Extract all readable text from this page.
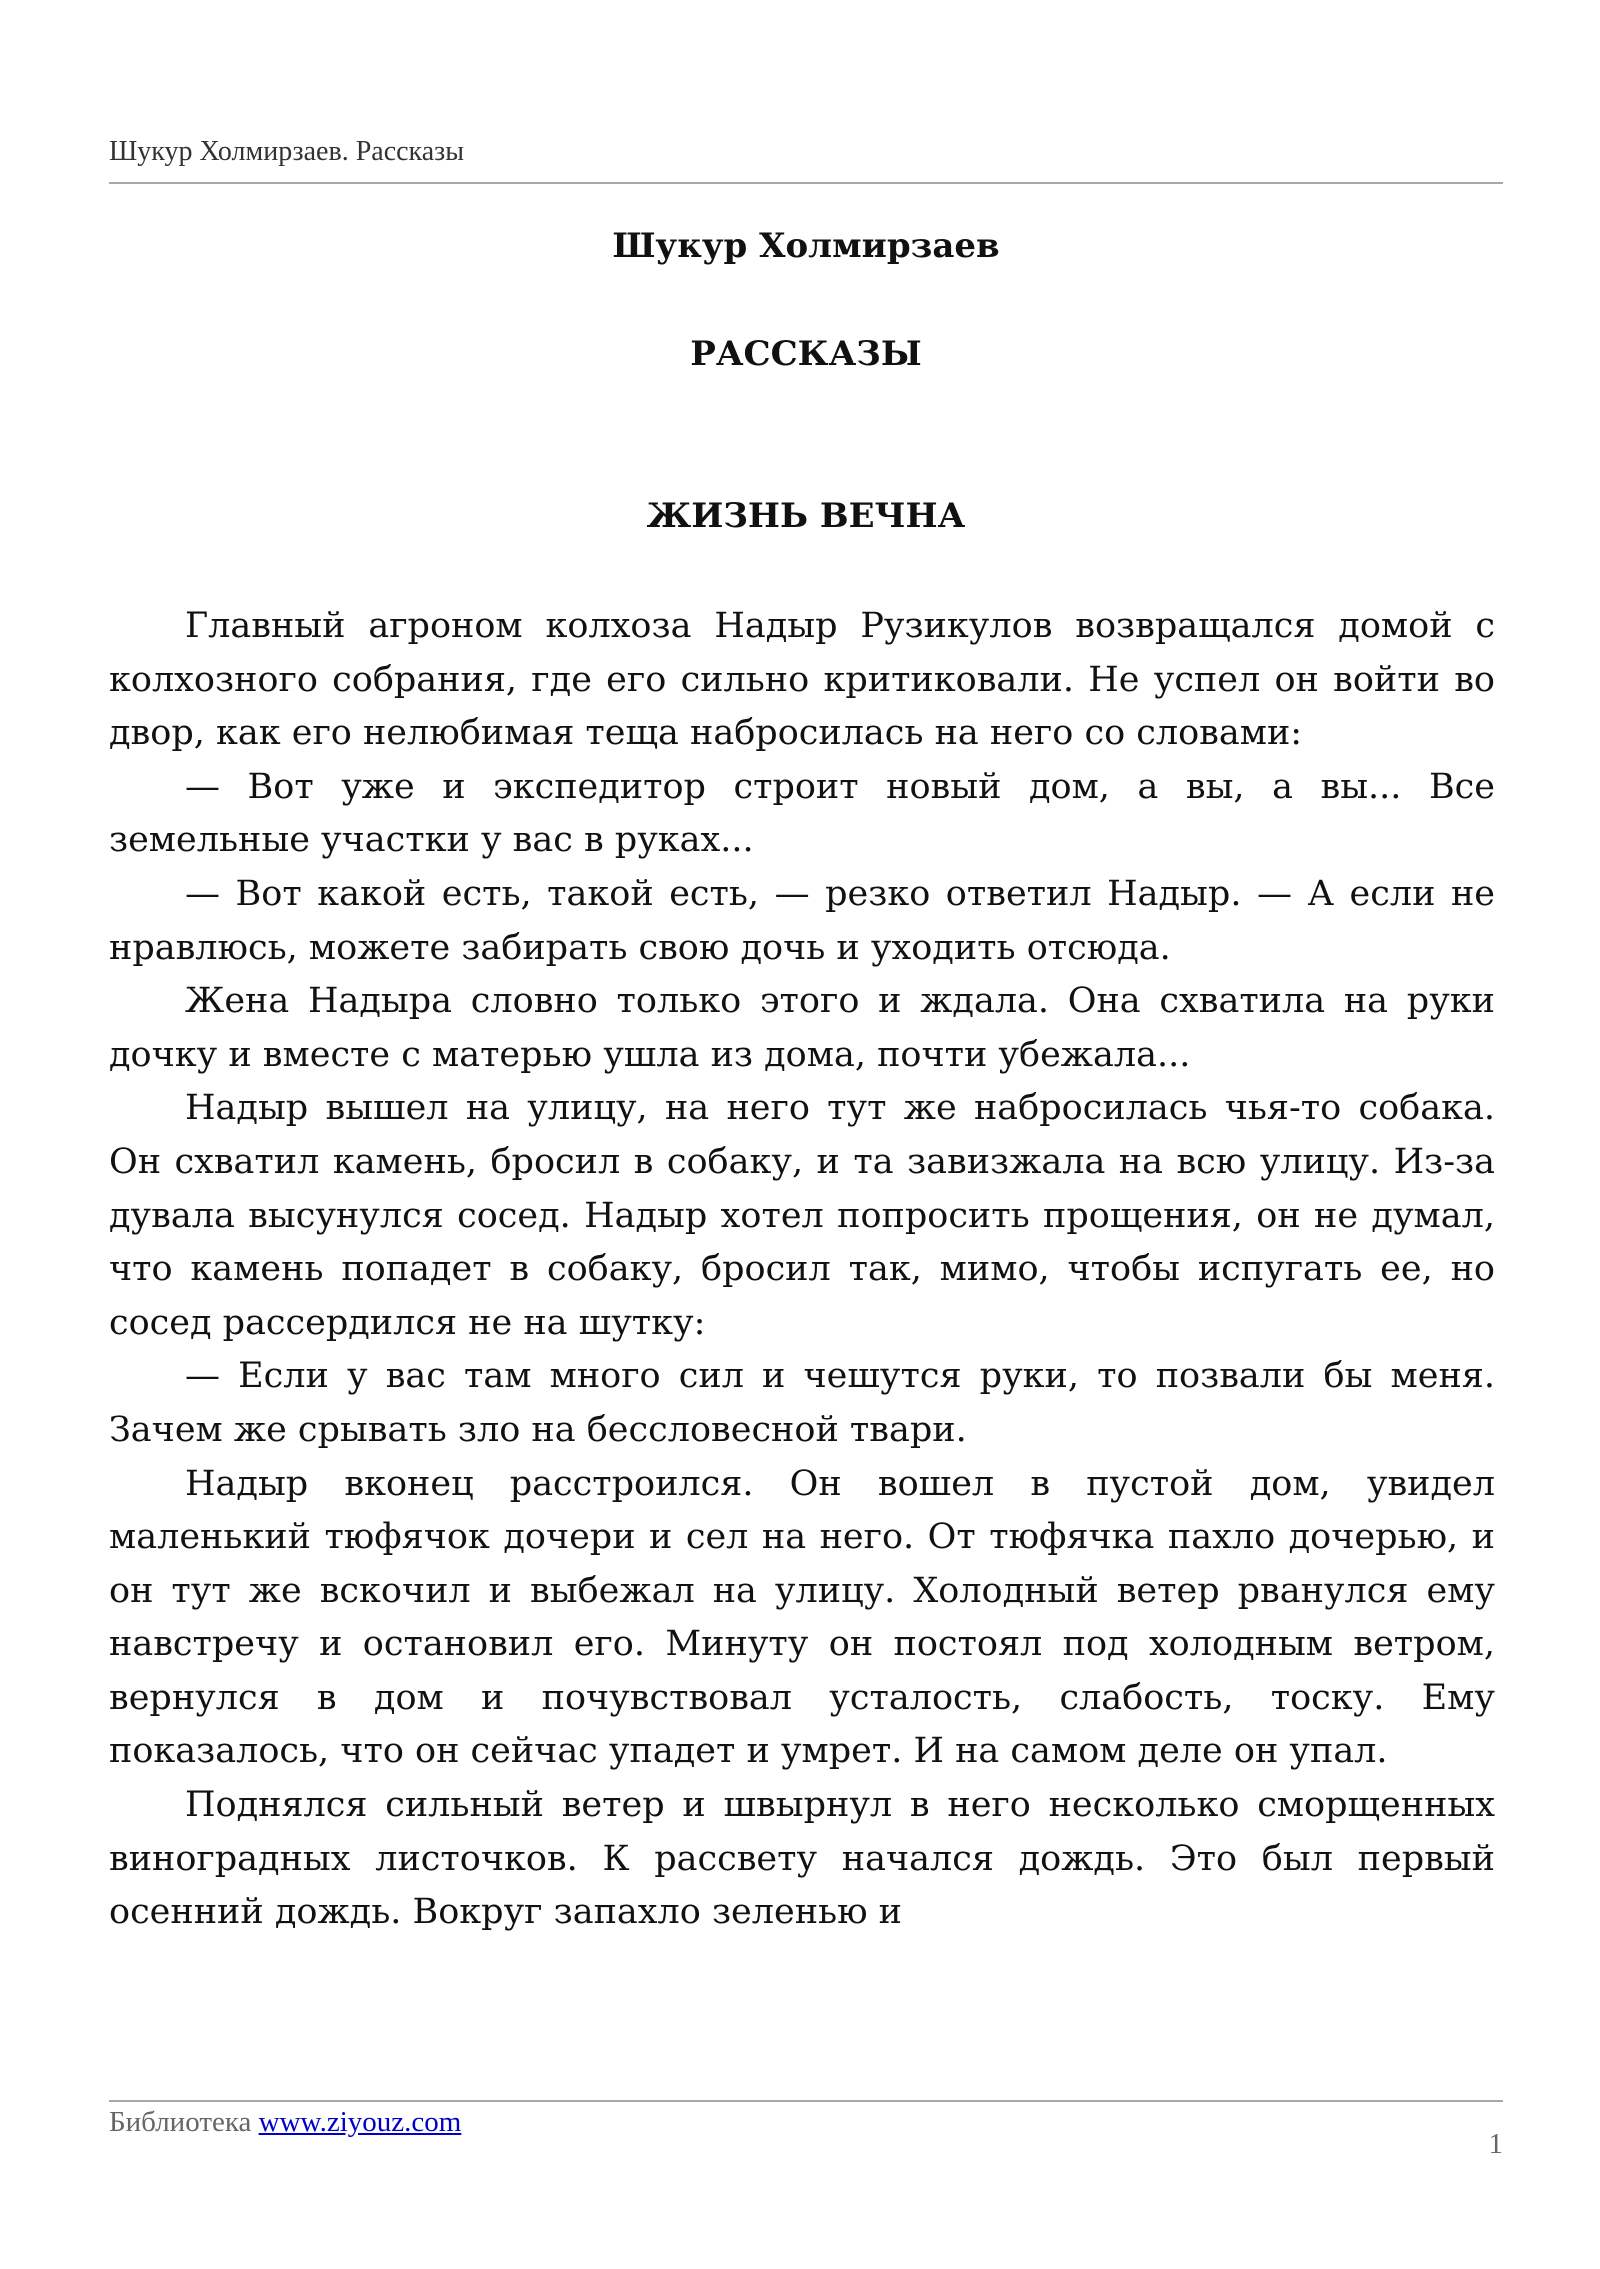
Шукур Холмирзаев. Рассказы
Шукур Холмирзаев
РАССКАЗЫ
ЖИЗНЬ ВЕЧНА

Главный агроном колхоза Надыр Рузикулов возвращался домой с колхозного собрания, где его сильно критиковали. Не успел он войти во двор, как его нелюбимая теща набросилась на него со словами:

— Вот уже и экспедитор строит новый дом, а вы, а вы... Все земельные участки у вас в руках...

— Вот какой есть, такой есть, — резко ответил Надыр. — А если не нравлюсь, можете забирать свою дочь и уходить отсюда.

Жена Надыра словно только этого и ждала. Она схватила на руки дочку и вместе с матерью ушла из дома, почти убежала...

Надыр вышел на улицу, на него тут же набросилась чья-то собака. Он схватил камень, бросил в собаку, и та завизжала на всю улицу. Из-за дувала высунулся сосед. Надыр хотел попросить прощения, он не думал, что камень попадет в собаку, бросил так, мимо, чтобы испугать ее, но сосед рассердился не на шутку:

— Если у вас там много сил и чешутся руки, то позвали бы меня. Зачем же срывать зло на бессловесной твари.

Надыр вконец расстроился. Он вошел в пустой дом, увидел маленький тюфячок дочери и сел на него. От тюфячка пахло дочерью, и он тут же вскочил и выбежал на улицу. Холодный ветер рванулся ему навстречу и остановил его. Минуту он постоял под холодным ветром, вернулся в дом и почувствовал усталость, слабость, тоску. Ему показалось, что он сейчас упадет и умрет. И на самом деле он упал.

Поднялся сильный ветер и швырнул в него несколько сморщенных виноградных листочков. К рассвету начался дождь. Это был первый осенний дождь. Вокруг запахло зеленью и

Библиотека www.ziyouz.com
1
